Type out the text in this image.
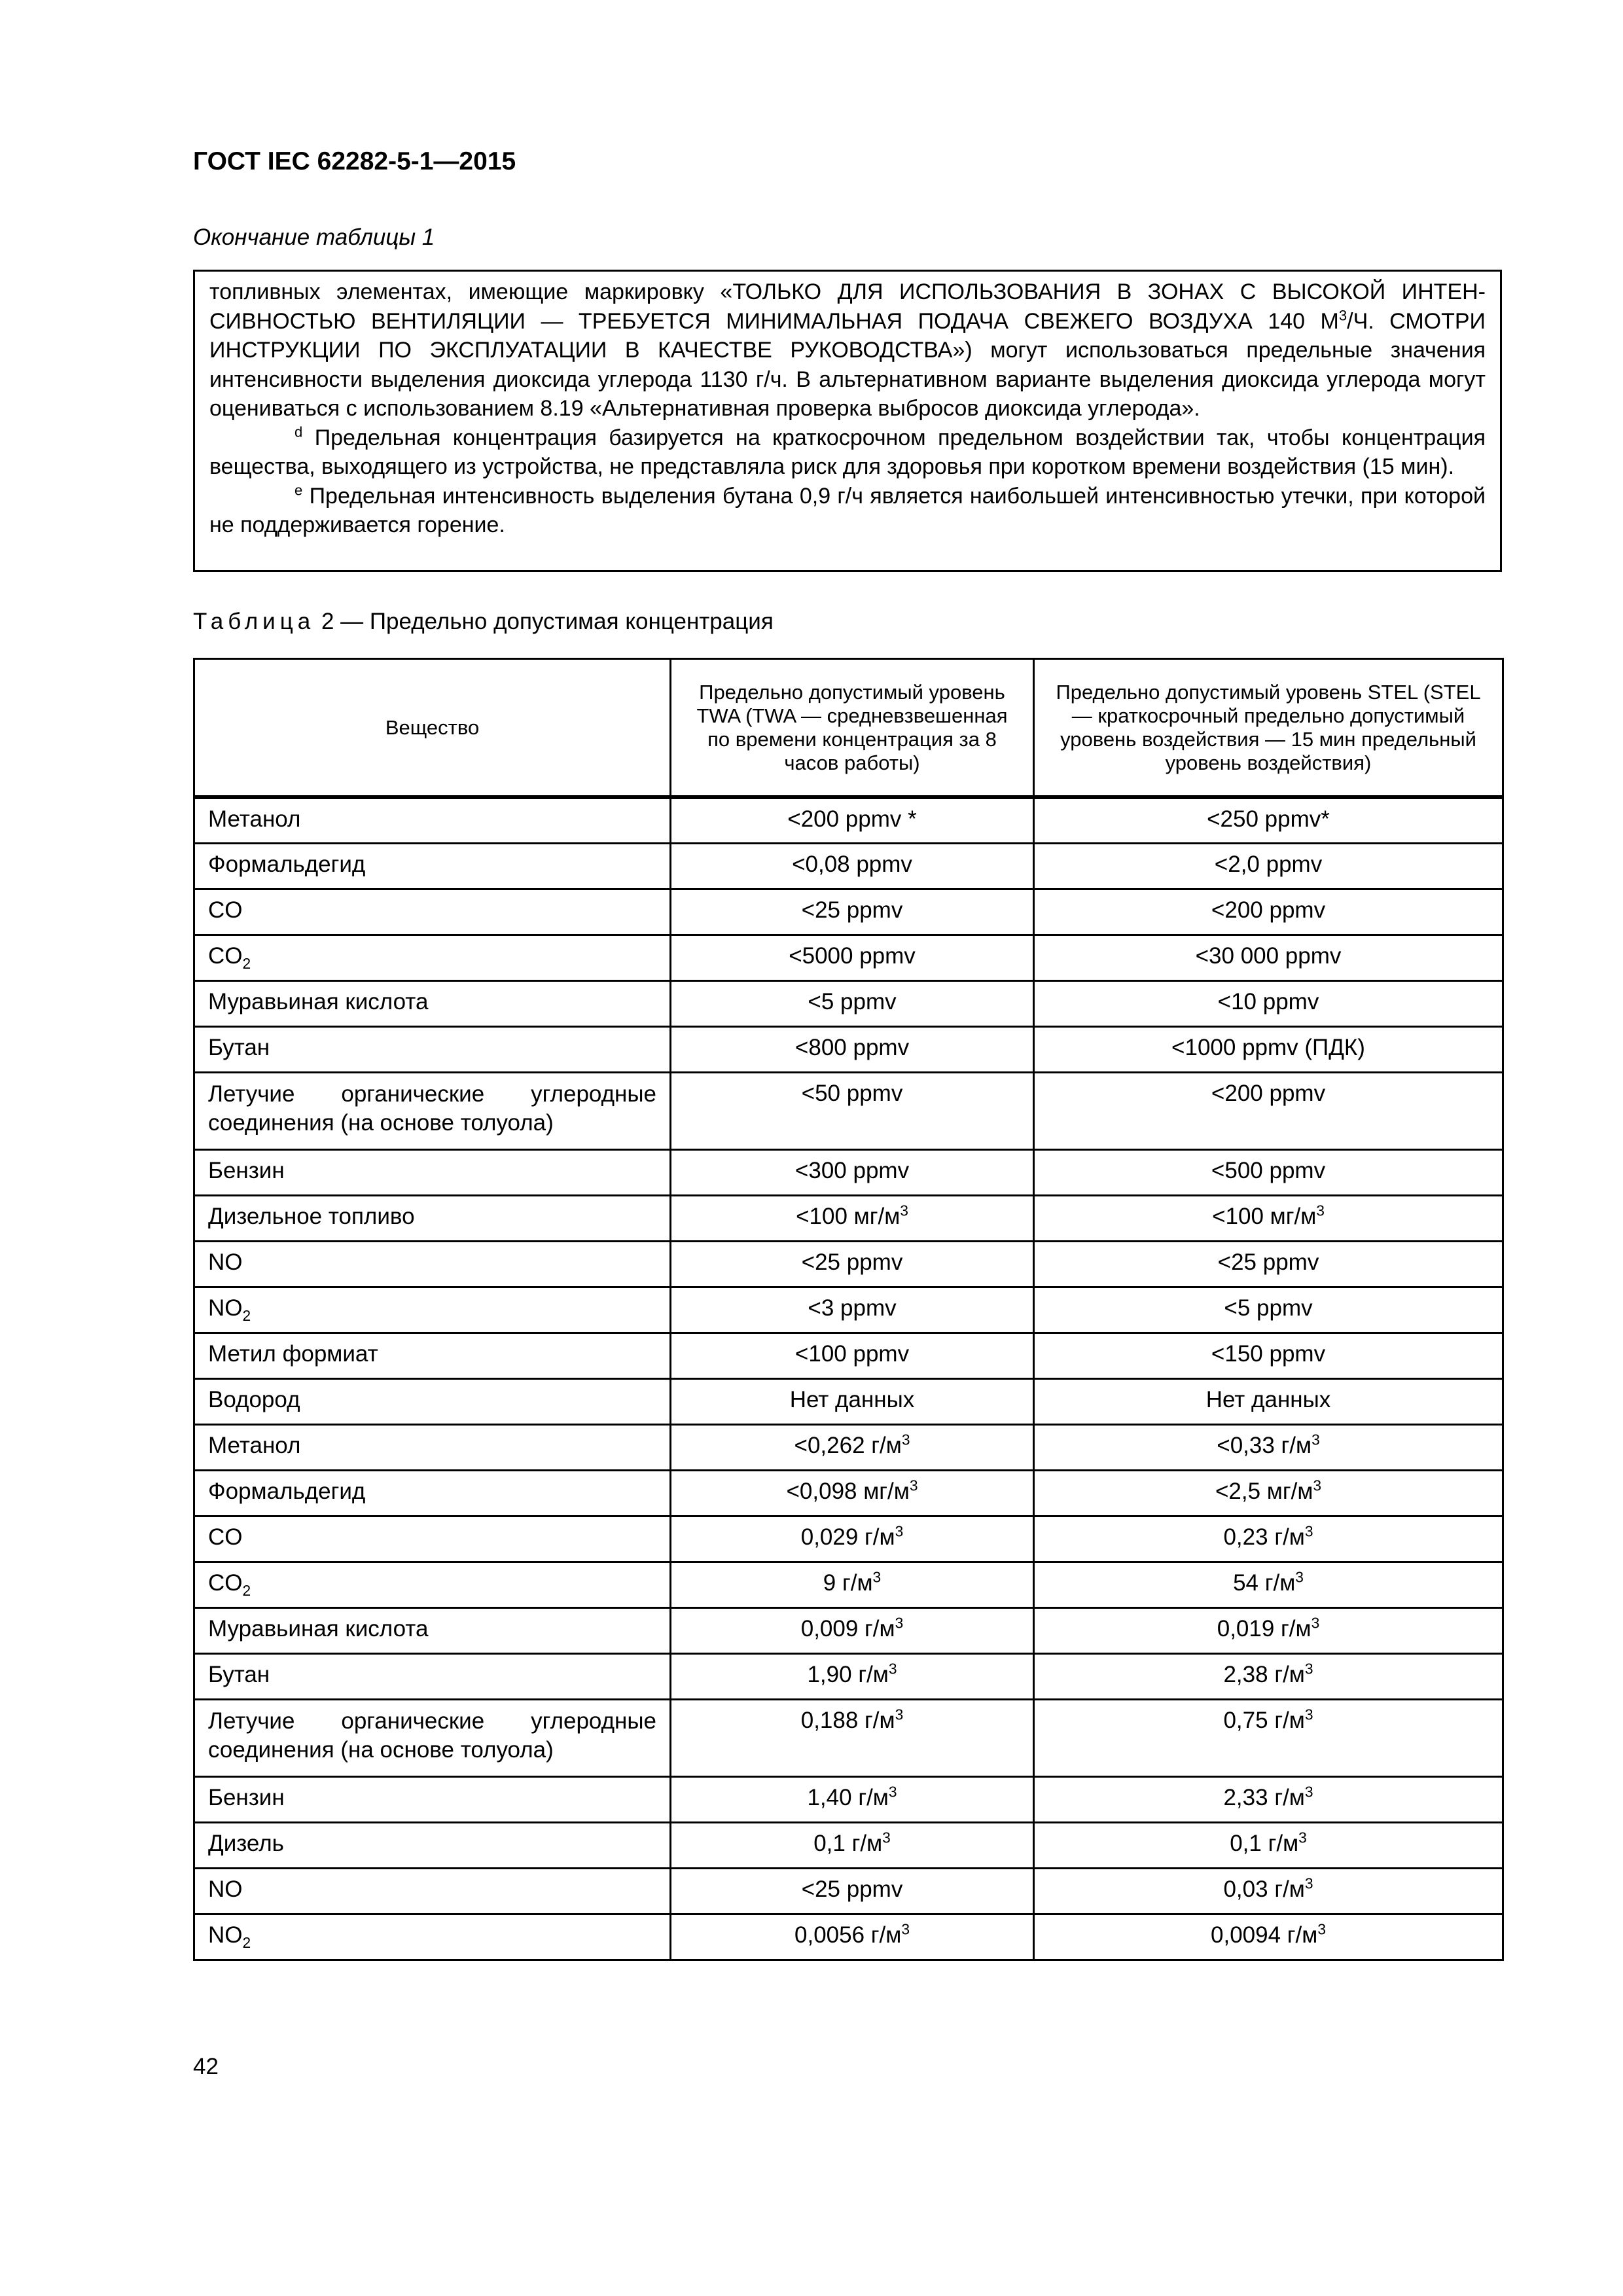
ГОСТ IEC 62282-5-1—2015
Окончание таблицы 1

топливных элементах, имеющие маркировку «ТОЛЬКО ДЛЯ ИСПОЛЬЗОВАНИЯ В ЗОНАХ С ВЫСОКОЙ ИНТЕН-СИВНОСТЬЮ ВЕНТИЛЯЦИИ — ТРЕБУЕТСЯ МИНИМАЛЬНАЯ ПОДАЧА СВЕЖЕГО ВОЗДУХА 140 $М^3/Ч$. СМОТРИ ИНСТРУКЦИИ ПО ЭКСПЛУАТАЦИИ В КАЧЕСТВЕ РУКОВОДСТВА») могут использоваться предельные значения интенсивности выделения диоксида углерода 1130 г/ч. В альтернативном варианте выделения диоксида углерода могут оцениваться с использованием 8.19 «Альтернативная проверка выбросов диоксида углерода».

$^d$ Предельная концентрация базируется на краткосрочном предельном воздействии так, чтобы концентрация вещества, выходящего из устройства, не представляла риск для здоровья при коротком времени воздействия (15 мин).

$^e$ Предельная интенсивность выделения бутана 0,9 г/ч является наибольшей интенсивностью утечки, при которой не поддерживается горение.

Таблица 2 — Предельно допустимая концентрация
Вещество	Предельно допустимый уровень TWA (TWA — средневзвешенная по времени концентрация за 8 часов работы)	Предельно допустимый уровень STEL (STEL — краткосрочный предельно допустимый уровень воздействия — 15 мин предельный уровень воздействия)
Метанол	<200 ppmv *	<250 ppmv*
Формальдегид	<0,08 ppmv	<2,0 ppmv
CO	<25 ppmv	<200 ppmv
$CO_2$	<5000 ppmv	<30 000 ppmv
Муравьиная кислота	<5 ppmv	<10 ppmv
Бутан	<800 ppmv	<1000 ppmv (ПДК)
Летучие органические углеродные соединения (на основе толуола)	<50 ppmv	<200 ppmv
Бензин	<300 ppmv	<500 ppmv
Дизельное топливо	<100 $мг/м^3$	<100 $мг/м^3$
NO	<25 ppmv	<25 ppmv
$NO_2$	<3 ppmv	<5 ppmv
Метил формиат	<100 ppmv	<150 ppmv
Водород	Нет данных	Нет данных
Метанол	<0,262 $г/м^3$	<0,33 $г/м^3$
Формальдегид	<0,098 $мг/м^3$	<2,5 $мг/м^3$
CO	0,029 $г/м^3$	0,23 $г/м^3$
$CO_2$	9 $г/м^3$	54 $г/м^3$
Муравьиная кислота	0,009 $г/м^3$	0,019 $г/м^3$
Бутан	1,90 $г/м^3$	2,38 $г/м^3$
Летучие органические углеродные соединения (на основе толуола)	0,188 $г/м^3$	0,75 $г/м^3$
Бензин	1,40 $г/м^3$	2,33 $г/м^3$
Дизель	0,1 $г/м^3$	0,1 $г/м^3$
NO	<25 ppmv	0,03 $г/м^3$
$NO_2$	0,0056 $г/м^3$	0,0094 $г/м^3$
42
